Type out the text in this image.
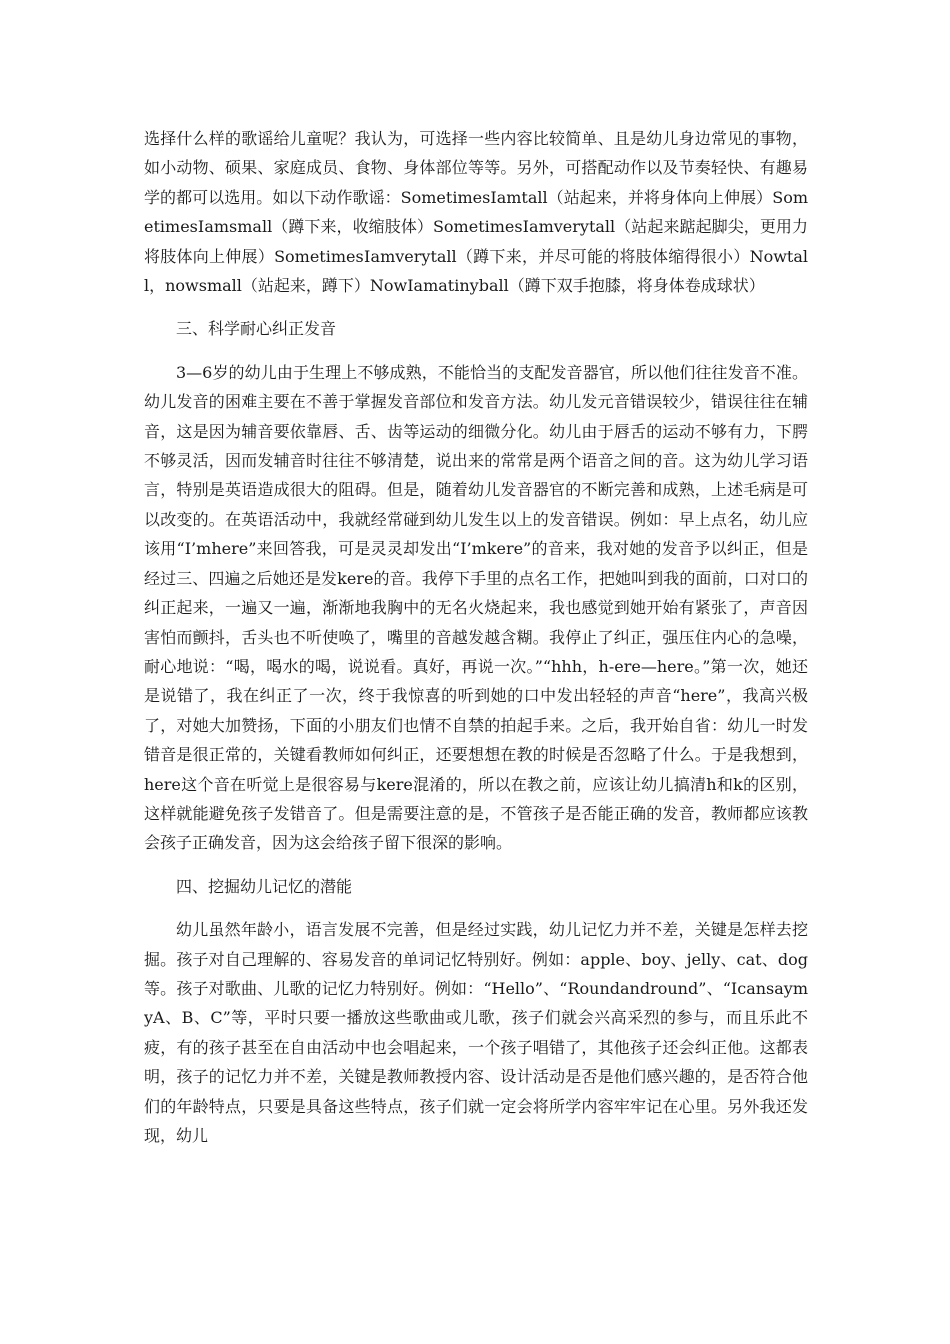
选择什么样的歌谣给儿童呢？我认为，可选择一些内容比较简单、且是幼儿身边常见的事物，如小动物、硕果、家庭成员、食物、身体部位等等。另外，可搭配动作以及节奏轻快、有趣易学的都可以选用。如以下动作歌谣：SometimesⅠamtall（站起来，并将身体向上伸展）SometimesⅠamsmall（蹲下来，收缩肢体）SometimesⅠamverytall（站起来踮起脚尖，更用力将肢体向上伸展）SometimesⅠamverytall（蹲下来，并尽可能的将肢体缩得很小）Nowtall，nowsmall（站起来，蹲下）NowIamatinyball（蹲下双手抱膝，将身体卷成球状）

三、科学耐心纠正发音

3—6岁的幼儿由于生理上不够成熟，不能恰当的支配发音器官，所以他们往往发音不准。幼儿发音的困难主要在不善于掌握发音部位和发音方法。幼儿发元音错误较少，错误往往在辅音，这是因为辅音要依靠唇、舌、齿等运动的细微分化。幼儿由于唇舌的运动不够有力，下腭不够灵活，因而发辅音时往往不够清楚，说出来的常常是两个语音之间的音。这为幼儿学习语言，特别是英语造成很大的阻碍。但是，随着幼儿发音器官的不断完善和成熟，上述毛病是可以改变的。在英语活动中，我就经常碰到幼儿发生以上的发音错误。例如：早上点名，幼儿应该用“I’mhere”来回答我，可是灵灵却发出“I’mkere”的音来，我对她的发音予以纠正，但是经过三、四遍之后她还是发kere的音。我停下手里的点名工作，把她叫到我的面前，口对口的纠正起来，一遍又一遍，渐渐地我胸中的无名火烧起来，我也感觉到她开始有紧张了，声音因害怕而颤抖，舌头也不听使唤了，嘴里的音越发越含糊。我停止了纠正，强压住内心的急噪，耐心地说：“喝，喝水的喝，说说看。真好，再说一次。”“hhh，h-ere—here。”第一次，她还是说错了，我在纠正了一次，终于我惊喜的听到她的口中发出轻轻的声音“here”，我高兴极了，对她大加赞扬，下面的小朋友们也情不自禁的拍起手来。之后，我开始自省：幼儿一时发错音是很正常的，关键看教师如何纠正，还要想想在教的时候是否忽略了什么。于是我想到，here这个音在听觉上是很容易与kere混淆的，所以在教之前，应该让幼儿搞清h和k的区别，这样就能避免孩子发错音了。但是需要注意的是，不管孩子是否能正确的发音，教师都应该教会孩子正确发音，因为这会给孩子留下很深的影响。

四、挖掘幼儿记忆的潜能

幼儿虽然年龄小，语言发展不完善，但是经过实践，幼儿记忆力并不差，关键是怎样去挖掘。孩子对自己理解的、容易发音的单词记忆特别好。例如：apple、boy、jelly、cat、dog等。孩子对歌曲、儿歌的记忆力特别好。例如：“Hello”、“Roundandround”、“IcansaymyA、B、C”等，平时只要一播放这些歌曲或儿歌，孩子们就会兴高采烈的参与，而且乐此不疲，有的孩子甚至在自由活动中也会唱起来，一个孩子唱错了，其他孩子还会纠正他。这都表明，孩子的记忆力并不差，关键是教师教授内容、设计活动是否是他们感兴趣的，是否符合他们的年龄特点，只要是具备这些特点，孩子们就一定会将所学内容牢牢记在心里。另外我还发现，幼儿
